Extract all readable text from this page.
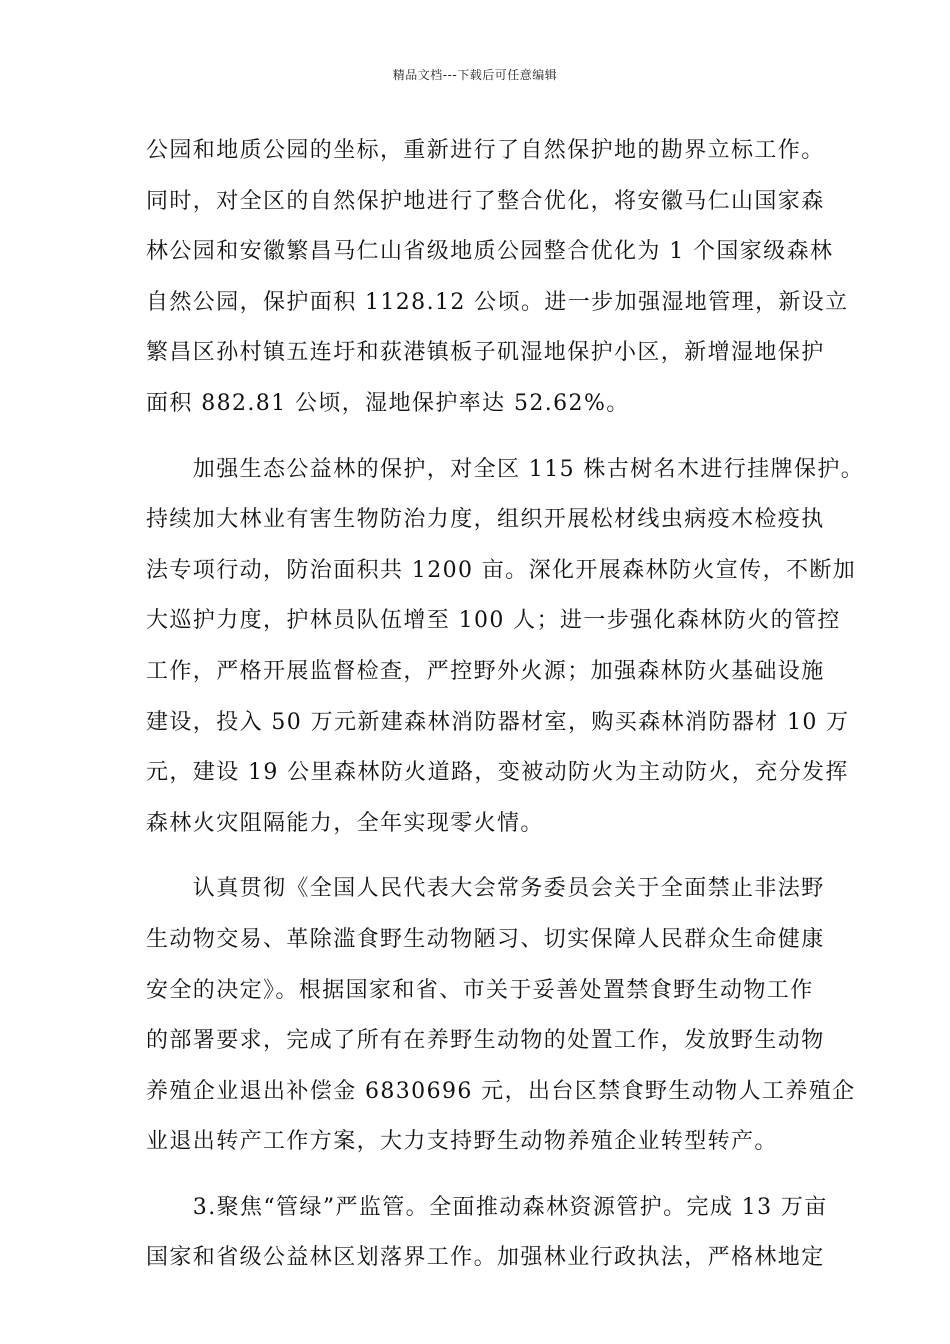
精品文档---下载后可任意编辑
公园和地质公园的坐标，重新进行了自然保护地的勘界立标工作。
同时，对全区的自然保护地进行了整合优化，将安徽马仁山国家森
林公园和安徽繁昌马仁山省级地质公园整合优化为 1 个国家级森林
自然公园，保护面积 1128.12 公顷。进一步加强湿地管理，新设立
繁昌区孙村镇五连圩和荻港镇板子矶湿地保护小区，新增湿地保护
面积 882.81 公顷，湿地保护率达 52.62%。
　　加强生态公益林的保护，对全区 115 株古树名木进行挂牌保护。
持续加大林业有害生物防治力度，组织开展松材线虫病疫木检疫执
法专项行动，防治面积共 1200 亩。深化开展森林防火宣传，不断加
大巡护力度，护林员队伍增至 100 人；进一步强化森林防火的管控
工作，严格开展监督检查，严控野外火源；加强森林防火基础设施
建设，投入 50 万元新建森林消防器材室，购买森林消防器材 10 万
元，建设 19 公里森林防火道路，变被动防火为主动防火，充分发挥
森林火灾阻隔能力，全年实现零火情。
　　认真贯彻《全国人民代表大会常务委员会关于全面禁止非法野
生动物交易、革除滥食野生动物陋习、切实保障人民群众生命健康
安全的决定》。根据国家和省、市关于妥善处置禁食野生动物工作
的部署要求，完成了所有在养野生动物的处置工作，发放野生动物
养殖企业退出补偿金 6830696 元，出台区禁食野生动物人工养殖企
业退出转产工作方案，大力支持野生动物养殖企业转型转产。
　　3.聚焦“管绿”严监管。全面推动森林资源管护。完成 13 万亩
国家和省级公益林区划落界工作。加强林业行政执法，严格林地定
